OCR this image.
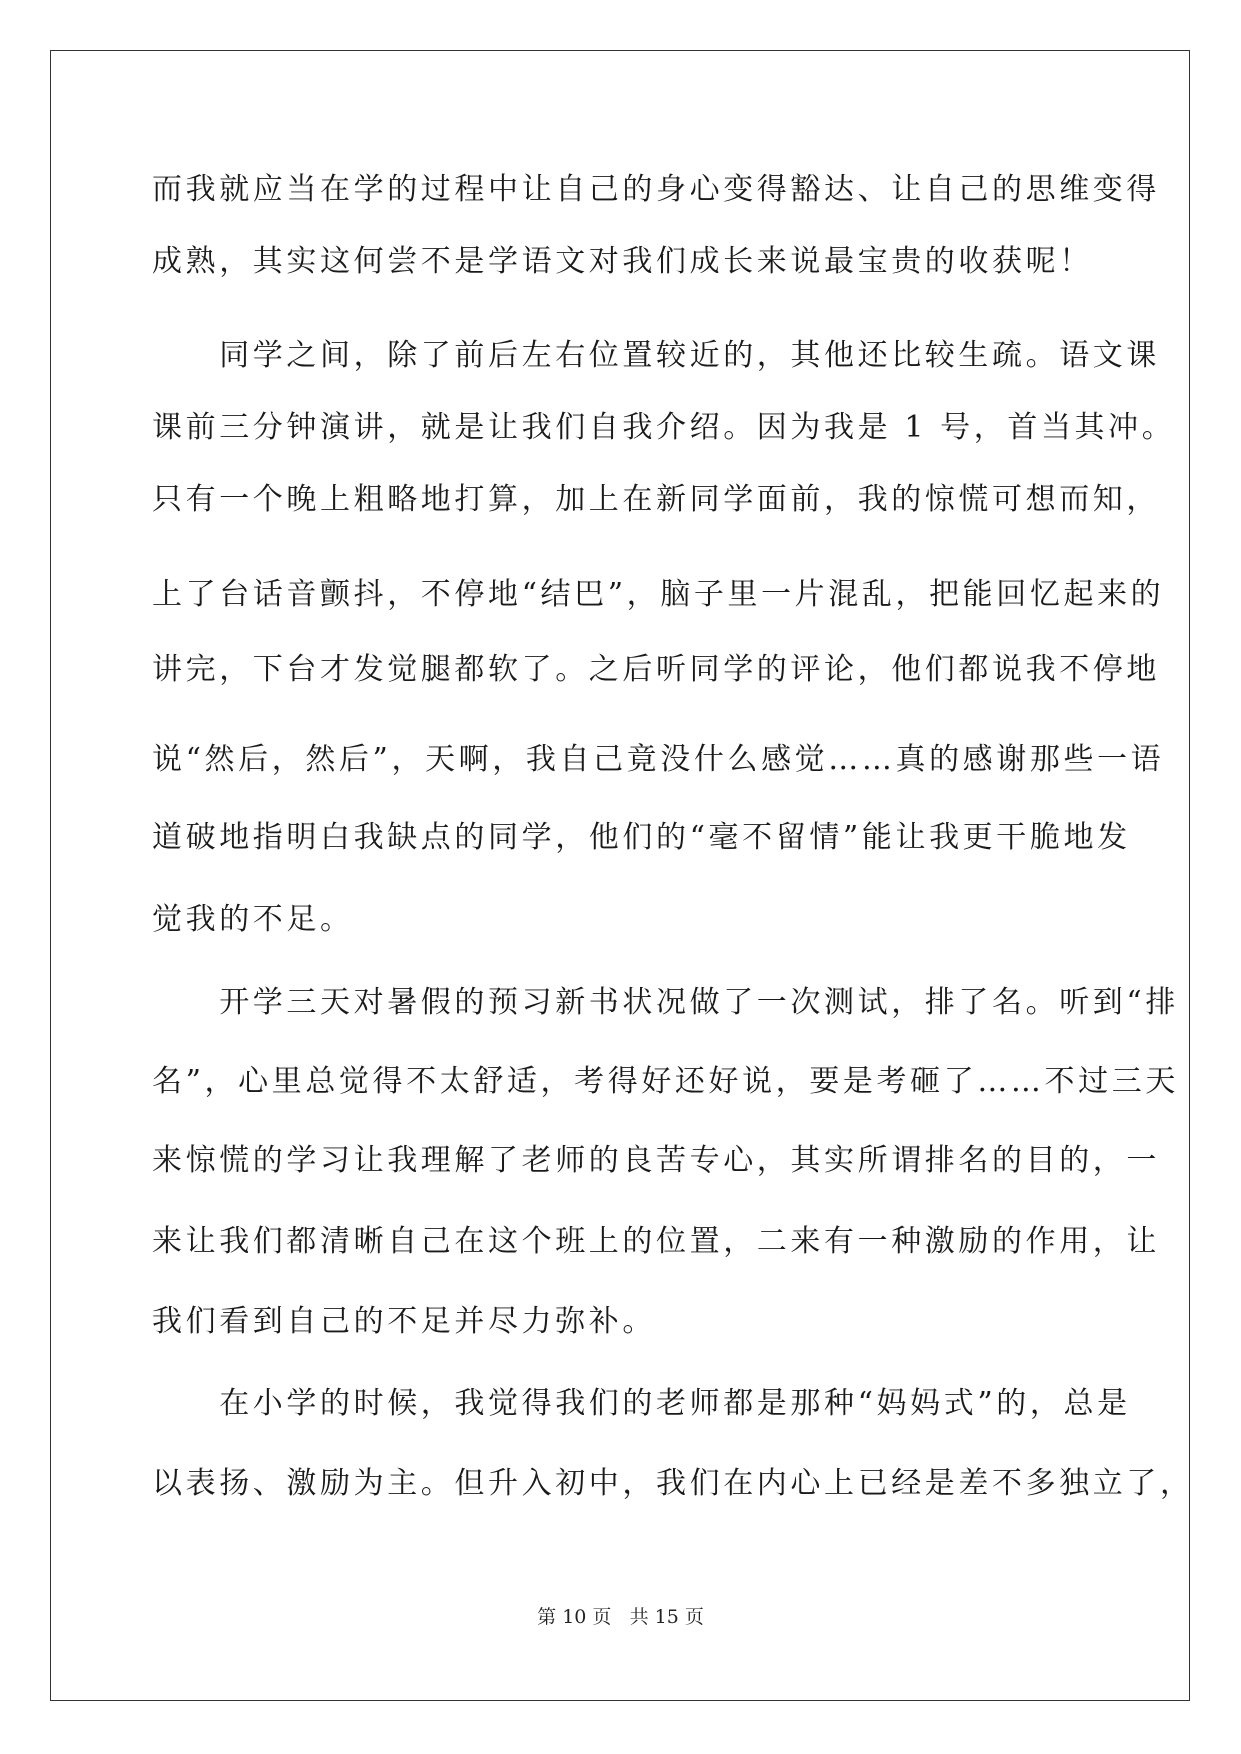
而我就应当在学的过程中让自己的身心变得豁达、让自己的思维变得
成熟，其实这何尝不是学语文对我们成长来说最宝贵的收获呢！
　　同学之间，除了前后左右位置较近的，其他还比较生疏。语文课
课前三分钟演讲，就是让我们自我介绍。因为我是 1 号，首当其冲。
只有一个晚上粗略地打算，加上在新同学面前，我的惊慌可想而知，
上了台话音颤抖，不停地“结巴”，脑子里一片混乱，把能回忆起来的
讲完，下台才发觉腿都软了。之后听同学的评论，他们都说我不停地
说“然后，然后”，天啊，我自己竟没什么感觉……真的感谢那些一语
道破地指明白我缺点的同学，他们的“毫不留情”能让我更干脆地发
觉我的不足。
　　开学三天对暑假的预习新书状况做了一次测试，排了名。听到“排
名”，心里总觉得不太舒适，考得好还好说，要是考砸了……不过三天
来惊慌的学习让我理解了老师的良苦专心，其实所谓排名的目的，一
来让我们都清晰自己在这个班上的位置，二来有一种激励的作用，让
我们看到自己的不足并尽力弥补。
　　在小学的时候，我觉得我们的老师都是那种“妈妈式”的，总是
以表扬、激励为主。但升入初中，我们在内心上已经是差不多独立了，
第 10 页 共 15 页
